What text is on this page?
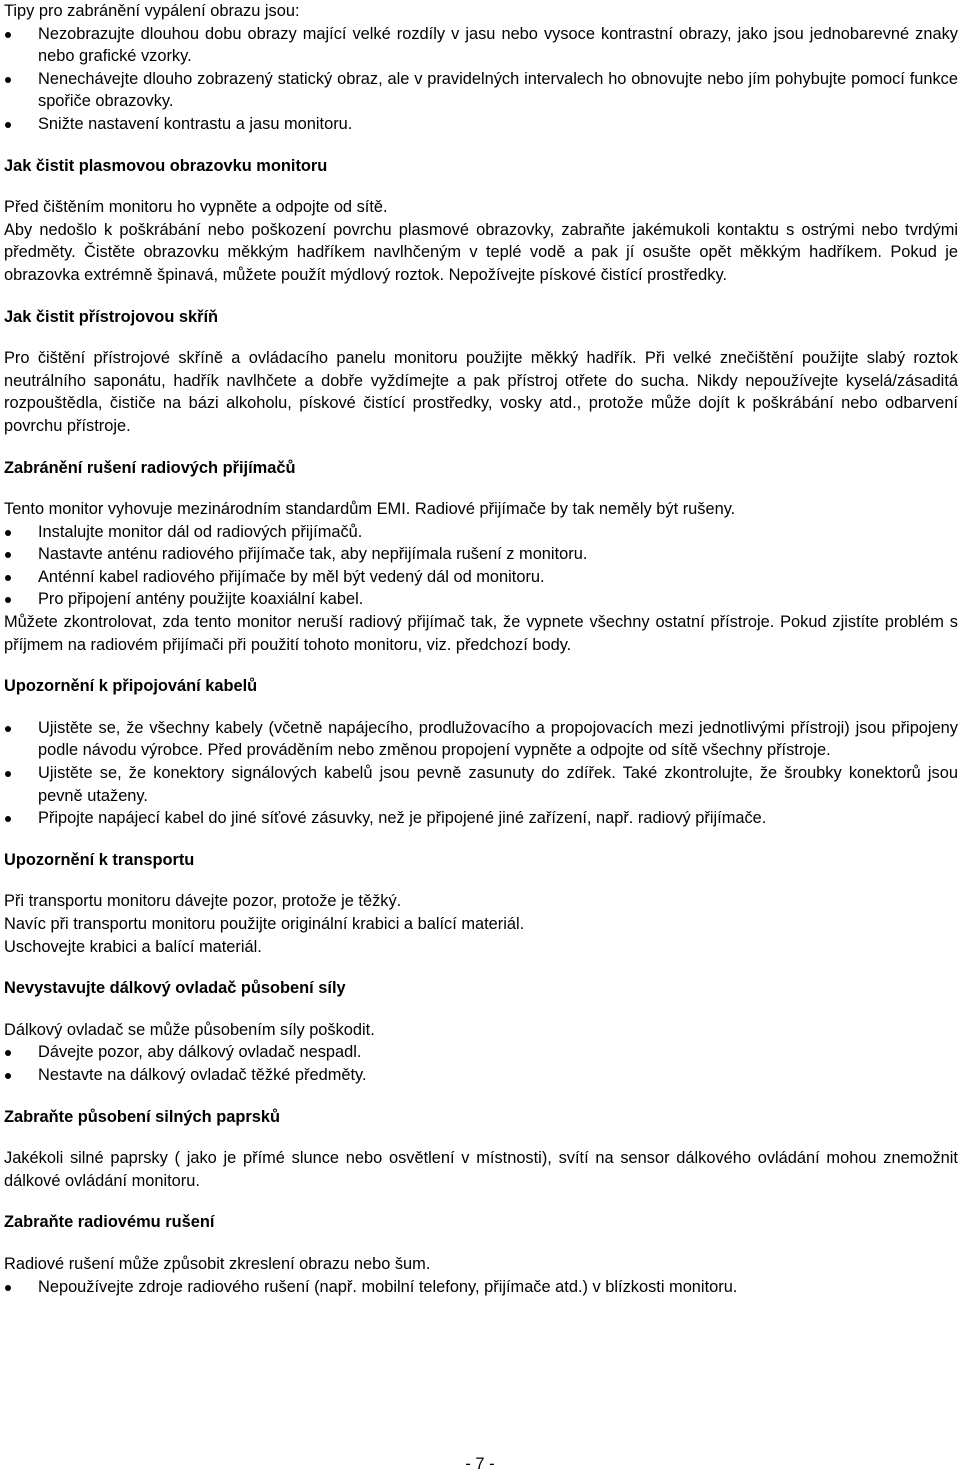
Tipy pro zabránění vypálení obrazu jsou:

Nezobrazujte dlouhou dobu obrazy mající velké rozdíly v jasu nebo vysoce kontrastní obrazy, jako jsou jednobarevné znaky nebo grafické vzorky.
Nenechávejte dlouho zobrazený statický obraz, ale v pravidelných intervalech ho obnovujte nebo jím pohybujte pomocí funkce spořiče obrazovky.
Snižte nastavení kontrastu a jasu monitoru.

Jak čistit plasmovou obrazovku monitoru

Před čištěním monitoru ho vypněte a odpojte od sítě.

Aby nedošlo k poškrábání nebo poškození povrchu plasmové obrazovky, zabraňte jakémukoli kontaktu s ostrými nebo tvrdými předměty. Čistěte obrazovku měkkým hadříkem navlhčeným v teplé vodě a pak jí osušte opět měkkým hadříkem. Pokud je obrazovka extrémně špinavá, můžete použít mýdlový roztok. Nepožívejte pískové čistící prostředky.

Jak čistit přístrojovou skříň

Pro čištění přístrojové skříně a ovládacího panelu monitoru použijte měkký hadřík. Při velké znečištění použijte slabý roztok neutrálního saponátu, hadřík navlhčete a dobře vyždímejte a pak přístroj otřete do sucha. Nikdy nepoužívejte kyselá/zásaditá rozpouštědla, čističe na bázi alkoholu, pískové čistící prostředky, vosky atd., protože může dojít k poškrábání nebo odbarvení povrchu přístroje.

Zabránění rušení radiových přijímačů

Tento monitor vyhovuje mezinárodním standardům EMI. Radiové přijímače by tak neměly být rušeny.

Instalujte monitor dál od radiových přijímačů.
Nastavte anténu radiového přijímače tak, aby nepřijímala rušení z monitoru.
Anténní kabel radiového přijímače by měl být vedený dál od monitoru.
Pro připojení antény použijte koaxiální kabel.

Můžete zkontrolovat, zda tento monitor neruší radiový přijímač tak, že vypnete všechny ostatní přístroje. Pokud zjistíte problém s příjmem na radiovém přijímači při použití tohoto monitoru, viz. předchozí body.

Upozornění k připojování kabelů

Ujistěte se, že všechny kabely (včetně napájecího, prodlužovacího a propojovacích mezi jednotlivými přístroji) jsou připojeny podle návodu výrobce. Před prováděním nebo změnou propojení vypněte a odpojte od sítě všechny přístroje.
Ujistěte se, že konektory signálových kabelů jsou pevně zasunuty do zdířek. Také zkontrolujte, že šroubky konektorů jsou pevně utaženy.
Připojte napájecí kabel do jiné síťové zásuvky, než je připojené jiné zařízení, např. radiový přijímače.

Upozornění k transportu

Při transportu monitoru dávejte pozor, protože je těžký.

Navíc při transportu monitoru použijte originální krabici a balící materiál.

Uschovejte krabici a balící materiál.

Nevystavujte dálkový ovladač působení síly

Dálkový ovladač se může působením síly poškodit.

Dávejte pozor, aby dálkový ovladač nespadl.
Nestavte na dálkový ovladač těžké předměty.

Zabraňte působení silných paprsků

Jakékoli silné paprsky ( jako je přímé slunce nebo osvětlení v místnosti), svítí na sensor dálkového ovládání mohou znemožnit dálkové ovládání monitoru.

Zabraňte radiovému rušení

Radiové rušení může způsobit zkreslení obrazu nebo šum.

Nepoužívejte zdroje radiového rušení (např. mobilní telefony, přijímače atd.) v blízkosti monitoru.
- 7 -
